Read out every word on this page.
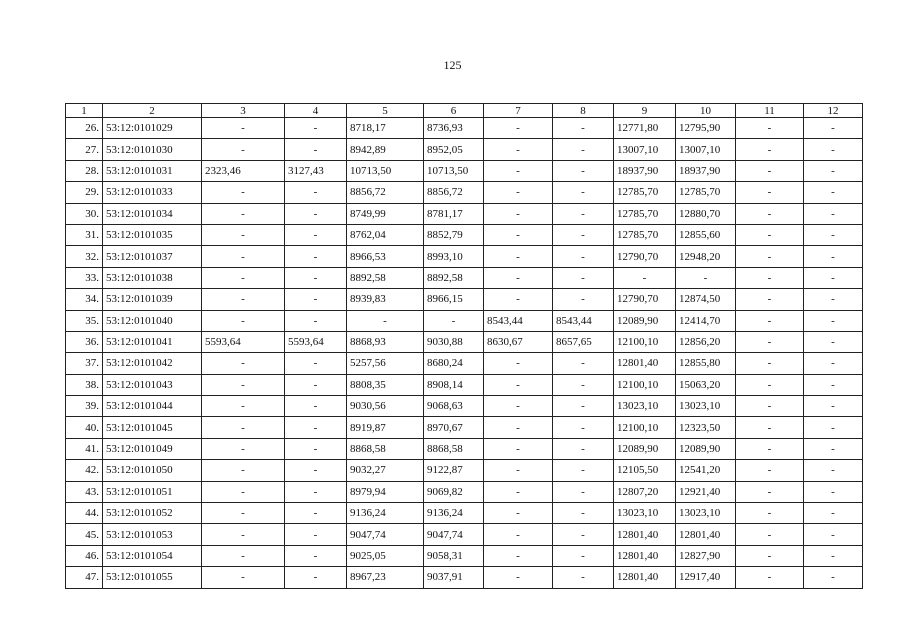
125
1	2	3	4	5	6	7	8	9	10	11	12
26.	53:12:0101029	-	-	8718,17	8736,93	-	-	12771,80	12795,90	-	-
27.	53:12:0101030	-	-	8942,89	8952,05	-	-	13007,10	13007,10	-	-
28.	53:12:0101031	2323,46	3127,43	10713,50	10713,50	-	-	18937,90	18937,90	-	-
29.	53:12:0101033	-	-	8856,72	8856,72	-	-	12785,70	12785,70	-	-
30.	53:12:0101034	-	-	8749,99	8781,17	-	-	12785,70	12880,70	-	-
31.	53:12:0101035	-	-	8762,04	8852,79	-	-	12785,70	12855,60	-	-
32.	53:12:0101037	-	-	8966,53	8993,10	-	-	12790,70	12948,20	-	-
33.	53:12:0101038	-	-	8892,58	8892,58	-	-	-	-	-	-
34.	53:12:0101039	-	-	8939,83	8966,15	-	-	12790,70	12874,50	-	-
35.	53:12:0101040	-	-	-	-	8543,44	8543,44	12089,90	12414,70	-	-
36.	53:12:0101041	5593,64	5593,64	8868,93	9030,88	8630,67	8657,65	12100,10	12856,20	-	-
37.	53:12:0101042	-	-	5257,56	8680,24	-	-	12801,40	12855,80	-	-
38.	53:12:0101043	-	-	8808,35	8908,14	-	-	12100,10	15063,20	-	-
39.	53:12:0101044	-	-	9030,56	9068,63	-	-	13023,10	13023,10	-	-
40.	53:12:0101045	-	-	8919,87	8970,67	-	-	12100,10	12323,50	-	-
41.	53:12:0101049	-	-	8868,58	8868,58	-	-	12089,90	12089,90	-	-
42.	53:12:0101050	-	-	9032,27	9122,87	-	-	12105,50	12541,20	-	-
43.	53:12:0101051	-	-	8979,94	9069,82	-	-	12807,20	12921,40	-	-
44.	53:12:0101052	-	-	9136,24	9136,24	-	-	13023,10	13023,10	-	-
45.	53:12:0101053	-	-	9047,74	9047,74	-	-	12801,40	12801,40	-	-
46.	53:12:0101054	-	-	9025,05	9058,31	-	-	12801,40	12827,90	-	-
47.	53:12:0101055	-	-	8967,23	9037,91	-	-	12801,40	12917,40	-	-
